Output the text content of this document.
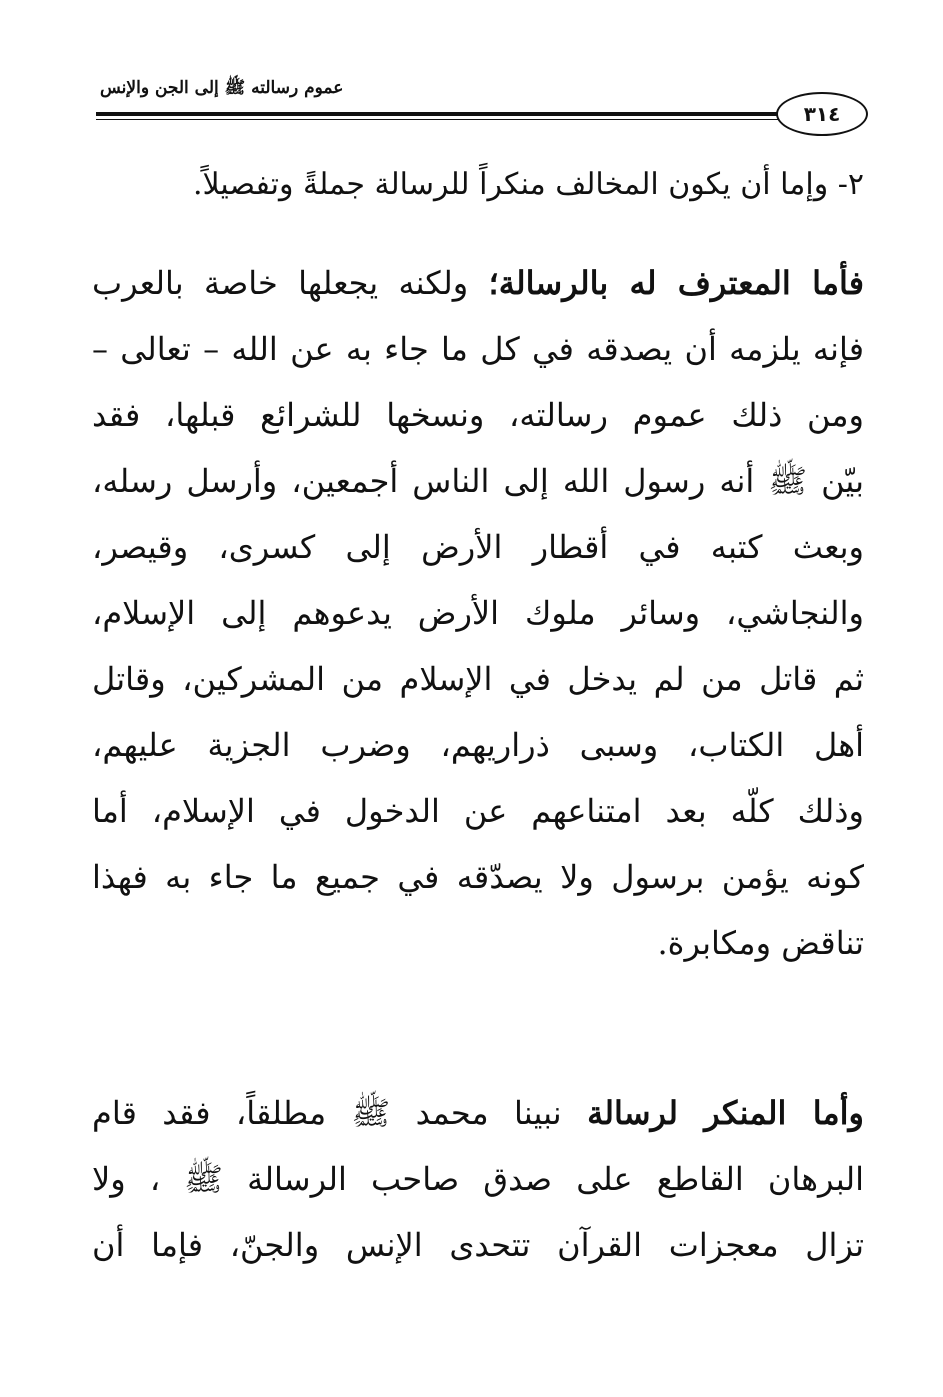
عموم رسالته ﷺ إلى الجن والإنس
٣١٤
٢- وإما أن يكون المخالف منكراً للرسالة جملةً وتفصيلاً.
فأما المعترف له بالرسالة؛ ولكنه يجعلها خاصة بالعرب
فإنه يلزمه أن يصدقه في كل ما جاء به عن الله – تعالى –
ومن ذلك عموم رسالته، ونسخها للشرائع قبلها، فقد
بيّن ﷺ أنه رسول الله إلى الناس أجمعين، وأرسل رسله،
وبعث كتبه في أقطار الأرض إلى كسرى، وقيصر،
والنجاشي، وسائر ملوك الأرض يدعوهم إلى الإسلام،
ثم قاتل من لم يدخل في الإسلام من المشركين، وقاتل
أهل الكتاب، وسبى ذراريهم، وضرب الجزية عليهم،
وذلك كلّه بعد امتناعهم عن الدخول في الإسلام، أما
كونه يؤمن برسول ولا يصدّقه في جميع ما جاء به فهذا
تناقض ومكابرة.
وأما المنكر لرسالة نبينا محمد ﷺ مطلقاً، فقد قام
البرهان القاطع على صدق صاحب الرسالة ﷺ ، ولا
تزال معجزات القرآن تتحدى الإنس والجنّ، فإما أن
